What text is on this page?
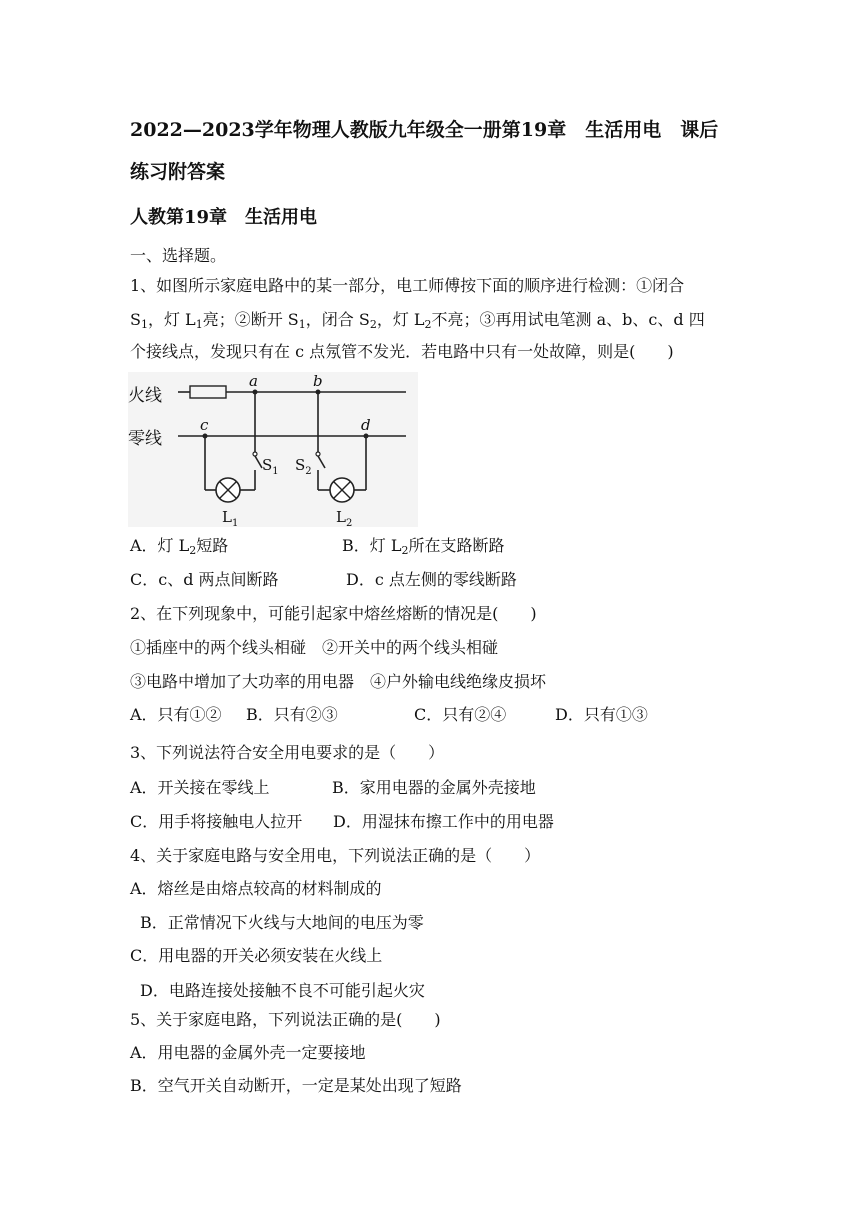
2022—2023学年物理人教版九年级全一册第19章　生活用电　课后
练习附答案
人教第19章　生活用电
一、选择题。
1、如图所示家庭电路中的某一部分，电工师傅按下面的顺序进行检测：①闭合
$S_1$，灯 $L_1$亮；②断开 $S_1$，闭合 $S_2$，灯 $L_2$不亮；③再用试电笔测 a、b、c、d 四
个接线点，发现只有在 c 点氖管不发光．若电路中只有一处故障，则是(　　)
火线
零线
a	b
c	d
$S_1$
$L_1$
$S_2$
$L_2$
A．灯 $L_2$短路	B．灯 $L_2$所在支路断路
C．c、d 两点间断路	D．c 点左侧的零线断路
2、在下列现象中，可能引起家中熔丝熔断的情况是(　　)
①插座中的两个线头相碰　②开关中的两个线头相碰
③电路中增加了大功率的用电器　④户外输电线绝缘皮损坏
A．只有①② B．只有②③	C．只有②④	D．只有①③
3、下列说法符合安全用电要求的是（　　）
A．开关接在零线上	B．家用电器的金属外壳接地
C．用手将接触电人拉开 D．用湿抹布擦工作中的用电器
4、关于家庭电路与安全用电，下列说法正确的是（　　）
A．熔丝是由熔点较高的材料制成的
B．正常情况下火线与大地间的电压为零
C．用电器的开关必须安装在火线上
D．电路连接处接触不良不可能引起火灾
5、关于家庭电路，下列说法正确的是(　　)
A．用电器的金属外壳一定要接地
B．空气开关自动断开，一定是某处出现了短路
